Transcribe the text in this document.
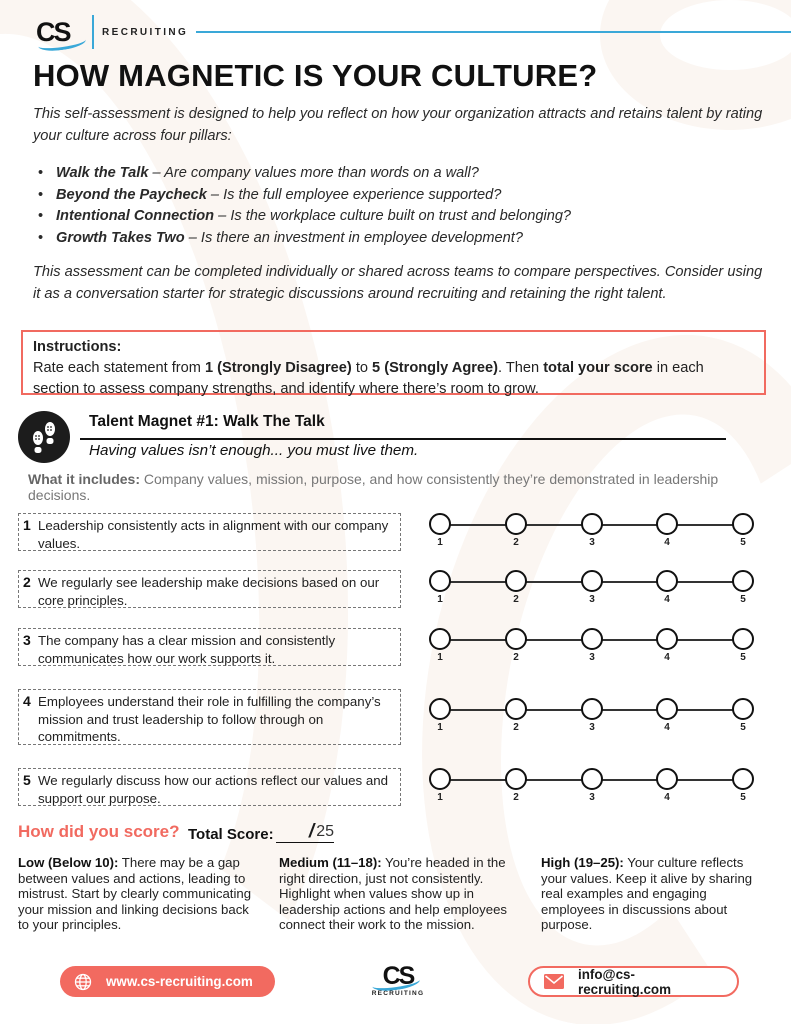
CS	RECRUITING
HOW MAGNETIC IS YOUR CULTURE?

This self-assessment is designed to help you reflect on how your organization attracts and retains talent by rating your culture across four pillars:

• Walk the Talk – Are company values more than words on a wall?
• Beyond the Paycheck – Is the full employee experience supported?
• Intentional Connection – Is the workplace culture built on trust and belonging?
• Growth Takes Two – Is there an investment in employee development?

This assessment can be completed individually or shared across teams to compare perspectives. Consider using it as a conversation starter for strategic discussions around recruiting and retaining the right talent.

Instructions:
Rate each statement from 1 (Strongly Disagree) to 5 (Strongly Agree). Then total your score in each section to assess company strengths, and identify where there’s room to grow.
Talent Magnet #1: Walk The Talk
Having values isn’t enough... you must live them.
What it includes: Company values, mission, purpose, and how consistently they’re demonstrated in leadership decisions.
1 Leadership consistently acts in alignment with our company values.
2 We regularly see leadership make decisions based on our core principles.
3 The company has a clear mission and consistently communicates how our work supports it.
4 Employees understand their role in fulfilling the company’s mission and trust leadership to follow through on commitments.
5 We regularly discuss how our actions reflect our values and support our purpose.
1	2	3	4	5
1	2	3	4	5
1	2	3	4	5
1	2	3	4	5
1	2	3	4	5
How did you score? Total Score: / 25
Low (Below 10): There may be a gap between values and actions, leading to mistrust. Start by clearly communicating your mission and linking decisions back to your principles.
Medium (11–18): You’re headed in the right direction, just not consistently. Highlight when values show up in leadership actions and help employees connect their work to the mission.
High (19–25): Your culture reflects your values. Keep it alive by sharing real examples and engaging employees in discussions about purpose.
www.cs-recruiting.com	CS
RECRUITING
info@cs-recruiting.com
